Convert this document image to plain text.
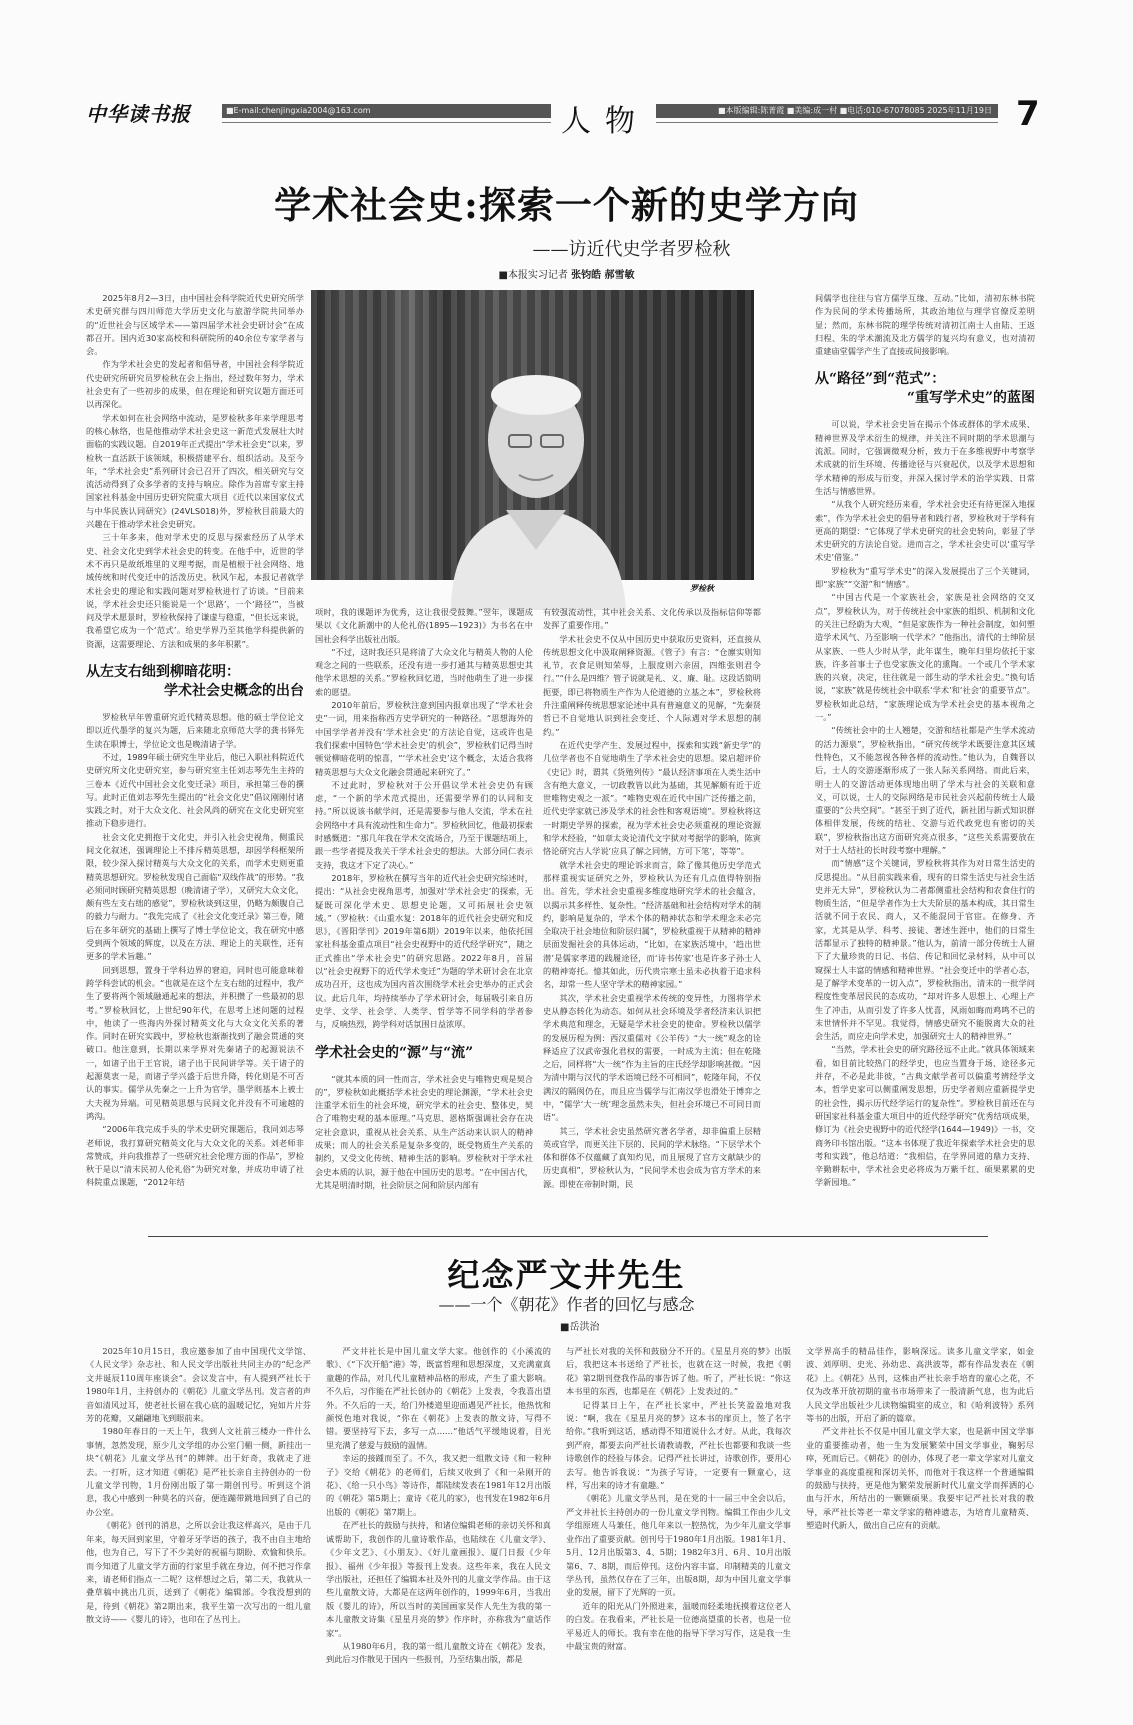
中华读书报	■E-mail:chenjingxia2004@163.com	人物	■本版编辑:陈菁霞 ■美编:成一村 ■电话:010-67078085 2025年11月19日 7
学术社会史:探索一个新的史学方向
——访近代史学者罗检秋
■本报实习记者 张钧皓 郝雪敏
罗检秋

2025年8月2—3日，由中国社会科学院近代史研究所学术史研究群与四川师范大学历史文化与旅游学院共同举办的“近世社会与区域学术——第四届学术社会史研讨会”在成都召开。国内近30家高校和科研院所的40余位专家学者与会。

作为学术社会史的发起者和倡导者，中国社会科学院近代史研究所研究员罗检秋在会上指出，经过数年努力，学术社会史有了一些初步的成果，但在理论和研究议题方面还可以再深化。

学术如何在社会网络中流动，是罗检秋多年来学理思考的核心脉络，也是他推动学术社会史这一新范式发展壮大时面临的实践议题。自2019年正式提出“学术社会史”以来，罗检秋一直活跃于该领域，积极搭建平台、组织活动。及至今年，“学术社会史”系列研讨会已召开了四次，相关研究与交流活动得到了众多学者的支持与响应。除作为首席专家主持国家社科基金中国历史研究院重大项目《近代以来国家仪式与中华民族认同研究》(24VLS018)外，罗检秋目前最大的兴趣在于推动学术社会史研究。

三十年多来，他对学术史的反思与探索经历了从学术史、社会文化史到学术社会史的转变。在他手中，近世的学术不再只是故纸堆里的义理考据，而是植根于社会网络、地域传统和时代变迁中的活泼历史。秋风乍起，本报记者就学术社会史的理论和实践问题对罗检秋进行了访谈。“目前来说，学术社会史还只能说是一个‘思路’，一个‘路径’”，当被问及学术愿景时，罗检秋保持了谦虚与稳重，“但长远来说，我希望它成为一个‘范式’。给史学界乃至其他学科提供新的资源，这需要理论、方法和成果的多年积累”。

从左支右绌到柳暗花明：
学术社会史概念的出台

罗检秋早年曾重研究近代精英思想。他的硕士学位论文即以近代墨学的复兴为题，后来随北京师范大学的龚书铎先生读在职博士，学位论文也是晚清诸子学。

不过，1989年硕士研究生毕业后，他已入职社科院近代史研究所文化史研究室，参与研究室主任刘志琴先生主持的三卷本《近代中国社会文化变迁录》项目，承担第三卷的撰写。此时正值刘志琴先生提出的“社会文化史”倡议刚刚付诸实践之时，对于大众文化、社会风尚的研究在文化史研究室推动下稳步进行。

社会文化史拥抱于文化史，并引入社会史视角，侧重民间文化叙述，强调理论上不排斥精英思想，却因学科框架所限，较少深入探讨精英与大众文化的关系，而学术史则更重精英思想研究。罗检秋发现自己面临“双线作战”的形势。“我必须同时顾研究精英思想（晚清诸子学），又研究大众文化，颇有些左支右绌的感觉”，罗检秋谈到这里，仍略为颇腹自己的毅力与耐力。“我先完成了《社会文化变迁录》第三卷，随后在多年研究的基础上撰写了博士学位论文，我在研究中感受到两个领域的辉度，以及在方法、理论上的关联性，还有更多的学术旨趣。”

回到思想，置身于学科边界的窘迫，同时也可能意味着跨学科尝试的机会。“也就是在这个左支右绌的过程中，我产生了要将两个领域融通起来的想法，并积攒了一些最初的思考。”罗检秋回忆，上世纪90年代，在思考上述问题的过程中，他读了一些海内外探讨精英文化与大众文化关系的著作。同时在研究实践中，罗检秋也渐渐找到了融会贯通的突破口。他注意到，长期以来学界对先秦诸子的起源说法不一，如诸子出于王官说，诸子出于民间讲学等。关于诸子的起源莫衷一是，而诸子学兴盛于后世升降，转化则是不可否认的事实。儒学从先秦之一上升为官学，墨学则基本上被士大夫视为异端。可见精英思想与民间文化并没有不可逾越的鸿沟。

“2006年我完成手头的学术史研究课题后，我同刘志琴老师说，我打算研究精英文化与大众文化的关系。刘老师非常赞成，并向我推荐了一些研究社会伦理方面的作品”，罗检秋于是以“清末民初人伦礼俗”为研究对象，并成功申请了社科院重点课题，“2012年结

项时，我的课题评为优秀，这让我很受鼓舞。”翌年，课题成果以《文化新潮中的人伦礼俗(1895—1923)》为书名在中国社会科学出版社出版。

“不过，这时我还只是将清了大众文化与精英人物的人伦观念之间的一些联系，还没有进一步打通其与精英思想史其他学术思想的关系。”罗检秋回忆道，当时他萌生了进一步探索的愿望。

2010年前后，罗检秋注意到国内报章出现了“学术社会史”一词，用来指称西方史学研究的一种路径。“思想海外的中国学学者并没有‘学术社会史’的方法论自觉，这或许也是我们探索中国特色‘学术社会史’的机会”，罗检秋们记得当时顿觉柳暗花明的惊喜，“‘学术社会史’这个概念，太适合我将精英思想与大众文化融会贯通起来研究了。”

不过此时，罗检秋对于公开倡议学术社会史仍有顾虑，“一个新的学术范式提出，还需要学界们的认同和支持。”所以说该书献学问，还是需要参与他人交流，学术在社会网络中才具有流动性和生命力”。罗检秋回忆，他最初探索时感慨道：“那几年我在学术交流场合，乃至于课题结项上，跟一些学者提及我关于学术社会史的想法。大部分同仁表示支持，我这才下定了决心。”

2018年，罗检秋在撰写当年的近代社会史研究综述时，提出：“从社会史视角思考，加强对‘学术社会史’的探索，无疑既可深化学术史、思想史论题，又可拓展社会史领域。”（罗检秋：《山重水复：2018年的近代社会史研究和反思》，《晋阳学刊》2019年第6期）2019年以来，他依托国家社科基金重点项目“社会史视野中的近代经学研究”，随之正式推出“学术社会史”的研究思路。2022年8月，首届以“社会史视野下的近代学术变迁”为题的学术研讨会在北京成功召开，这也成为国内首次围绕学术社会史举办的正式会议。此后几年，均持续举办了学术研讨会，每届吸引来自历史学、文学、社会学、人类学、哲学等不同学科的学者参与，反响热烈，跨学科对话氛围日益浓厚。

学术社会史的“源”与“流”

“就其本质的同一性而言，学术社会史与唯物史观是契合的”，罗检秋如此概括学术社会史的理论渊源，“学术社会史注重学术衍生的社会环境，研究学术的社会史、整体史，契合了唯物史观的基本原理。”马克思、恩格斯强调社会存在决定社会意识，重视从社会关系、从生产活动来认识人的精神成果；而人的社会关系是复杂多变的，既受物质生产关系的制约，又受文化传统、精神生活的影响。罗检秋对于学术社会史本质的认识，源于他在中国历史的思考。“在中国古代，尤其是明清时期，社会阶层之间和阶层内部有

有较强流动性，其中社会关系、文化传承以及指标信仰等都发挥了重要作用。”

学术社会史不仅从中国历史中获取历史资料，还直接从传统思想文化中汲取阐释资源。《管子》有言：“仓廪实则知礼节，衣食足则知荣辱，上服度则六亲固，四维张则君令行。”“什么是四维？管子说就是礼、义、廉、耻。这段话简明扼要，即已将物质生产作为人伦道德的立基之本”，罗检秋将升注重阐释传统思想家论述中具有普遍意义的见解，“先秦贤哲已不自觉地认识到社会变迁、个人际遇对学术思想的制约。”

在近代史学产生、发展过程中，探索和实践“新史学”的几位学者也不自觉地萌生了学术社会史的思想。梁启超评价《史记》时，谓其《货殖列传》“最认经济事项在人类生活中含有绝大意义，一切政教皆以此为基础，其见解颇有近于近世唯物史观之一派”。“唯物史观在近代中国广泛传播之前，近代史学家就已涉及学术的社会性和客观语境”。罗检秋将这一时期史学界的探索，视为学术社会史必须重视的理论资源和学术经验，“如章太炎论清代文字狱对考据学的影响，陈寅恪论研究古人学说‘应具了解之同情，方可下笔’，等等”。

就学术社会史的理论诉求而言，除了像其他历史学范式那样重视实证研究之外，罗检秋认为还有几点值得特别指出。首先，学术社会史重视多维度地研究学术的社会蕴含，以揭示其多样性、复杂性。“经济基础和社会结构对学术的制约，影响是复杂的，学术个体的精神状态和学术理念未必完全取决于社会地位和阶层归属”，罗检秋重视于从精神的精神层面发掘社会的具体运动，“比如，在家族活境中，‘趋出世潜’是儒家孝道的践履途径，而‘诗书传家’也是许多子孙士人的精神寄托。憶其如此，历代贵宗寒士虽未必执着于追求科名，却常一些人坚守学术的精神家园。”

其次，学术社会史重视学术传统的变异性，力图将学术史从静态转化为动态。如何从社会环境及学者经济来认识把学术典范和理念，无疑是学术社会史的使命。罗检秋以儒学的发展历程为例：西汉重儒对《公羊传》“大一统”观念的诠释适应了汉武帝强化君权的需要，一时成为主流；但在乾隆之后，同样将“大一统”作为主旨的庄氏经学却影响甚微。“因为清中期与汉代的学术语境已经不可相同”，乾隆年间，不仅满汉的隔阂仍在，而且应当儒学与汇南汉学也滑处于博弈之中，“儒学‘大一统’理念虽然未失，但社会环境已不可同日而语”。

其三，学术社会史虽然研究著名学者，却非偏重上层精英或官学，而更关注下层的、民间的学术脉络。“下层学术个体和群体不仅蕴藏了真知灼见，而且展现了官方文献缺少的历史真相”，罗检秋认为，“民间学术也会成为官方学术的来源。即使在帝制时期，民

间儒学也往往与官方儒学互缘、互动。”比如，清初东林书院作为民间的学术传播场所，其政治地位与理学官僚反差明显；然而，东林书院的理学传统对清初江南士人由陆、王返归程、朱的学术潮流及北方儒学的复兴均有意义，也对清初重建庙堂儒学产生了直接或间接影响。

从“路径”到“范式”：
“重写学术史”的蓝图

可以说，学术社会史旨在揭示个体或群体的学术成果、精神世界及学术衍生的规律，并关注不同时期的学术思潮与流派。同时，它强调微观分析，致力于在多维视野中考察学术成就的衍生环境、传播途径与兴衰起伏，以及学术思想和学术精神的形成与衍变，并深入探讨学术的治学实践、日常生活与情感世界。

“从我个人研究经历来看，学术社会史还有待更深入地探索”，作为学术社会史的倡导者和践行者，罗检秋对于学科有更高的期望：“它体现了学术史研究的社会史转向，彰显了学术史研究的方法论自觉。进而言之，学术社会史可以‘重写学术史’借鉴。”

罗检秋为“重写学术史”的深入发展提出了三个关键词，即“家族”“交游”和“情感”。

“中国古代是一个家族社会，家族是社会网络的交叉点”，罗检秋认为，对于传统社会中家族的组织、机制和文化的关注已经蔚为大观，“但是家族作为一种社会制度，如何塑造学术风气、乃至影响一代学术？”他指出，清代的士绅阶层从家族、一些人少时从学，此年谋生，晚年归里均依托于家族，许多首事士子也受家族文化的熏陶。一个或几个学术家族的兴衰，决定，往往就是一部生动的学术社会史。”换句话说，“家族”就是传统社会中联系‘学术’和‘社会’的重要节点”。罗检秋如此总结，“家族理论成为学术社会史的基本视角之一。”

“传统社会中的士人翘楚，交游和结社都是产生学术流动的活力源泉”，罗检秋指出，“研究传统学术既要注意其区域性特色，又不能忽视各种各样的流动性。”他认为，自魏晋以后，士人的交游逐渐形成了一张人际关系网络。而此后来，明士人的交游活动更体现地出明了学术与社会的关联和意义，可以说，士人的交际网络是市民社会兴起前传统士人最重要的“公共空间”。“甚至于到了近代，新社团与新式知识群体相伴发展，传统的结社、交游与近代政党也有密切的关联”，罗检秋指出这方面研究亮点很多，“这些关系需要放在对于士人结社的长时段考察中理解。”

而“情感”这个关键词，罗检秋将其作为对日常生活史的反思提出。“从目前实践来看，现有的日常生活史与社会生活史并无大异”，罗检秋认为二者都侧重社会结构和农食住行的物质生活，“但是学者作为士大夫阶层的基本构成，其日常生活就不同于农民、商人，又不能混同于官宦。在修身、齐家，尤其是从学、科考、接徒、著述生涯中，他们的日常生活都显示了独特的精神景。”他认为，前清一部分传统士人留下了大量珍贵的日记、书信、传记和回忆录材料，从中可以窥探士人丰富的情感和精神世界。“社会变迁中的学者心态，是了解学术变革的一切入点”，罗检秋指出，清末的一批学问程度性变革居民民的态成功，“却对许多人思想上、心理上产生了冲击，从而引发了许多人忧喜，风雨如晦而鸡鸣不已的末世情怀并不罕见。我觉得，情感史研究不能脱离大众的社会生活，而应走向学术史，加强研究士人的精神世界。”

“当然，学术社会史的研究路径远不止此。”就具体领域来看，如目前比较热门的经学史，也应当置身于场、途径多元并存，不必是此非彼，“古典文献学者可以偏重考辨经学文本，哲学史家可以侧重阐发思想，历史学者则应重新提学史的社会性，揭示历代经学运行的复杂性”。罗检秋目前还在与研国家社科基金重大项目中的近代经学研究”优秀结项成果，修订为《社会史视野中的近代经学(1644—1949)》一书，交商务印书馆出版。“这本书体现了我近年探索学术社会史的思考和实践”，他总结道：“我相信，在学界同道的鼎力支持、辛勤耕耘中，学术社会史必将成为万紫千红、硕果累累的史学新园地。”

纪念严文井先生
——一个《朝花》作者的回忆与感念
■岳洪治

2025年10月15日，我应邀参加了由中国现代文学馆、《人民文学》杂志社、和人民文学出版社共同主办的“纪念严文井诞辰110周年座谈会”。会议发言中，有人提到严社长于1980年1月，主持创办的《朝花》儿童文学丛刊。发言者的声音如清风过耳，使老社长留在我心底的温暖记忆，宛如片片芬芳的花瓣，又翩翩地飞到眼前来。

1980年春日的一天上午，我到人文社前三楼办一件什么事情，忽然发现，原少儿文学组的办公室门楣一侧，新挂出一块“《朝花》儿童文学丛刊”的牌牌。出于好奇，我就走了进去。一打听，这才知道《朝花》是严社长亲自主持创办的一份儿童文学刊物，1月份刚出版了第一期创刊号。听到这个消息，我心中感到一种莫名的兴奋，便连蹦带跳地回到了自己的办公室。

《朝花》创刊的消息，之所以会让我这样高兴，是由于几年来，每天回到家里，守着牙牙学语的孩子，我不由自主地给他，也为自己，写下了不少美好的祝福与期盼、欢愉和快乐。而今知道了儿童文学方面的行家里手就在身边，何不把习作拿来，请老师们指点一二呢？这样想过之后，第二天，我就从一叠草稿中挑出几页，送到了《朝花》编辑部。令我没想到的是，待到《朝花》第2期出来，我平生第一次写出的一组儿童散文诗——《婴儿的诗》，也印在了丛刊上。

严文井社长是中国儿童文学大家。他创作的《小溪流的歌》、《“下次开船”港》等，既富哲理和思想深度，又充满童真童趣的作品，对几代儿童精神品格的形成，产生了重大影响。不久后，习作能在严社长创办的《朝花》上发表，令我喜出望外。不久后的一天，给门外楼道里迎面遇见严社长，他热忱和颜悦色地对我说，“你在《朝花》上发表的散文诗，写得不错。要坚持写下去，多写一点……”他话气平缓地说着，目光里充满了慈爱与鼓励的温情。

幸运的接踵而至了。不久，我又把一组散文诗《和一粒种子》交给《朝花》的老师们，后续又收到了《和一朵刚开的花》、《给一只小鸟》等诗作，都陆续发表在1981年12月出版的《朝花》第5期上；童诗《花儿的家》，也刊发在1982年6月出版的《朝花》第7期上。

在严社长的鼓励与扶持，和诸位编辑老师的亲切关怀和真诚帮助下，我创作的儿童诗歌作品，也陆续在《儿童文学》、《少年文艺》、《小朋友》、《好儿童画报》、厦门日报《少年报》、福州《少年报》等报刊上发表。这些年来，我在人民文学出版社，还担任了编辑本社及外刊的儿童文学作品。由于这些儿童散文诗，大都是在这两年创作的，1999年6月，当我出版《婴儿的诗》，所以当时的美国画家吴作人先生为我的第一本儿童散文诗集《星星月亮的梦》作序时，亦称我为“童话作家”。

从1980年6月，我的第一组儿童散文诗在《朝花》发表，到此后习作散见于国内一些报刊，乃至结集出版，都是

与严社长对我的关怀和鼓励分不开的。《星星月亮的梦》出版后，我把这本书送给了严社长，也就在这一时候，我把《朝花》第2期刊登我作品的事告诉了他。听了，严社长说：“你这本书里的东西，也都是在《朝花》上发表过的。”

记得某日上午，在严社长家中，严社长笑盈盈地对我说：“啊，我在《星星月亮的梦》这本书的扉页上，签了名字给你。”我听到这话，感动得不知道说什么才好。从此，我每次到严府，都要去向严社长请教请教，严社长也都要和我谈一些诗歌创作的经验与体会。记得严社长讲过，诗歌创作，要用心去写。他告诉我说：“为孩子写诗，一定要有一颗童心，这样，写出来的诗才有童趣。”

《朝花》儿童文学丛刊，是在党的十一届三中全会以后，严文井社长主持创办的一份儿童文学刊物。编辑工作由少儿文学组原班人马兼任，他几年来以一腔热忱，为少年儿童文学事业作出了重要贡献。创刊号于1980年1月出版。1981年1月、5月、12月出版第3、4、5期；1982年3月、6月、10月出版第6、7、8期，而后停刊。这份内容丰富、印制精美的儿童文学丛刊，虽然仅存在了三年，出版8期，却为中国儿童文学事业的发展，留下了光辉的一页。

近年的阳光从门外照进来，温暖而轻柔地抚摸着这位老人的白发。在我看来，严社长是一位德高望重的长者，也是一位平易近人的师长。我有幸在他的指导下学习写作，这是我一生中最宝贵的财富。

文学界高手的精品佳作，影响深远。读多儿童文学家，如金波、刘厚明、史光、孙幼忠、高洪波等，都有作品发表在《朝花》上。《朝花》丛刊，这株由严社长亲手培育的童心之花，不仅为改革开放初期的童书市场带来了一股清新气息，也为此后人民文学出版社少儿读物编辑室的成立，和《哈利波特》系列等书的出版，开启了新的篇章。

严文井社长不仅是中国儿童文学大家，也是新中国文学事业的重要推动者，他一生为发展繁荣中国文学事业，鞠躬尽瘁，死而后已。《朝花》的创办，体现了老一辈文学家对儿童文学事业的高度重视和深切关怀，而他对于我这样一个普通编辑的鼓励与扶持，更是他为繁荣发展新时代儿童文学而挥洒的心血与汗水，所结出的一颗颗硕果。我要牢记严社长对我的教导，承严社长等老一辈文学家的精神遗志，为培育儿童精英、塑造时代新人，做出自己应有的贡献。
